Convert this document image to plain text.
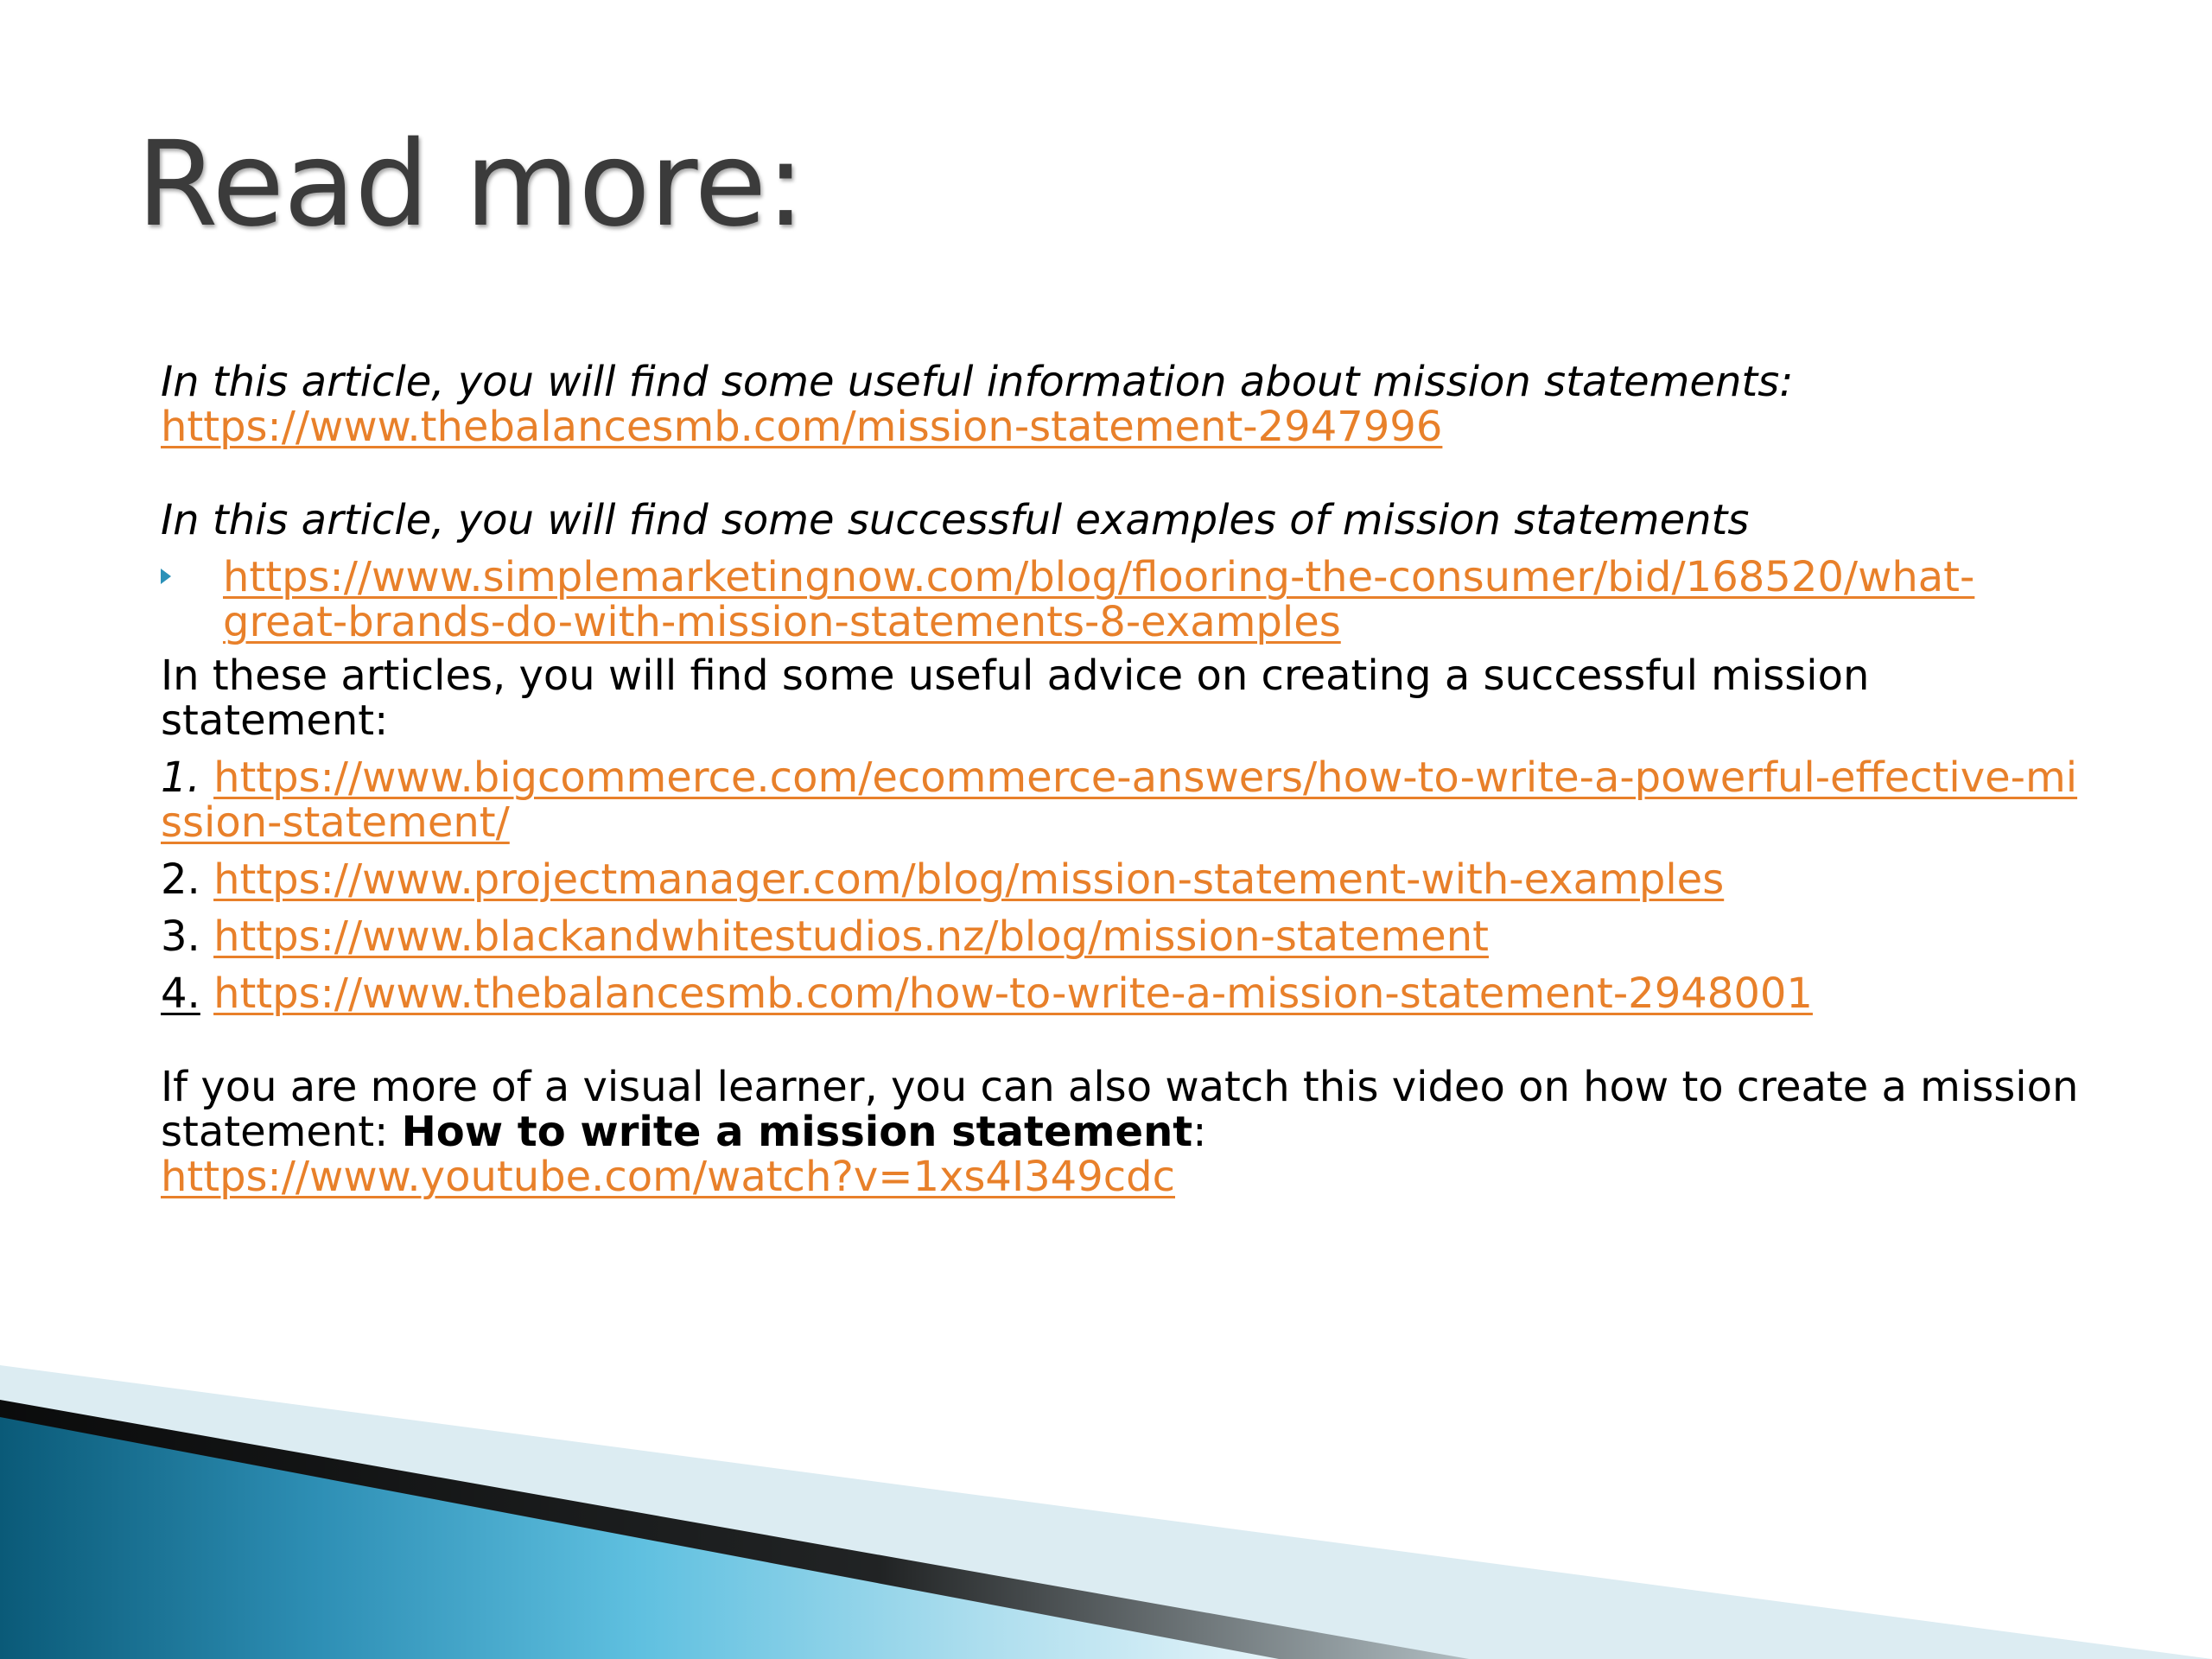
Read more:

In this article, you will find some useful information about mission statements:

https://www.thebalancesmb.com/mission-statement-2947996

In this article, you will find some successful examples of mission statements

https://www.simplemarketingnow.com/blog/flooring-the-consumer/bid/168520/what-great-brands-do-with-mission-statements-8-examples

In these articles, you will find some useful advice on creating a successful mission statement:

1. https://www.bigcommerce.com/ecommerce-answers/how-to-write-a-powerful-effective-mission-statement/

2. https://www.projectmanager.com/blog/mission-statement-with-examples

3. https://www.blackandwhitestudios.nz/blog/mission-statement

4. https://www.thebalancesmb.com/how-to-write-a-mission-statement-2948001

If you are more of a visual learner, you can also watch this video on how to create a mission statement: How to write a mission statement:

https://www.youtube.com/watch?v=1xs4I349cdc
